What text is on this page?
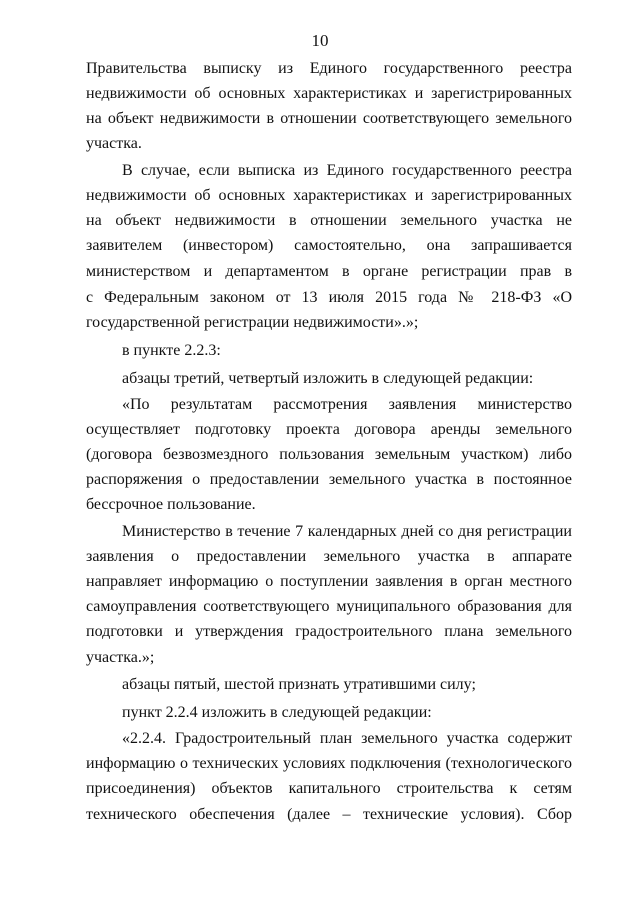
10
Правительства выписку из Единого государственного реестра
недвижимости об основных характеристиках и зарегистрированных
на объект недвижимости в отношении соответствующего земельного
участка.
В случае, если выписка из Единого государственного реестра
недвижимости об основных характеристиках и зарегистрированных
на объект недвижимости в отношении земельного участка не
заявителем (инвестором) самостоятельно, она запрашивается
министерством и департаментом в органе регистрации прав в
с Федеральным законом от 13 июля 2015 года № 218-ФЗ «О
государственной регистрации недвижимости».»;
в пункте 2.2.3:
абзацы третий, четвертый изложить в следующей редакции:
«По результатам рассмотрения заявления министерство
осуществляет подготовку проекта договора аренды земельного
(договора безвозмездного пользования земельным участком) либо
распоряжения о предоставлении земельного участка в постоянное
бессрочное пользование.
Министерство в течение 7 календарных дней со дня регистрации
заявления о предоставлении земельного участка в аппарате
направляет информацию о поступлении заявления в орган местного
самоуправления соответствующего муниципального образования для
подготовки и утверждения градостроительного плана земельного
участка.»;
абзацы пятый, шестой признать утратившими силу;
пункт 2.2.4 изложить в следующей редакции:
«2.2.4. Градостроительный план земельного участка содержит
информацию о технических условиях подключения (технологического
присоединения) объектов капитального строительства к сетям
технического обеспечения (далее – технические условия). Сбор
